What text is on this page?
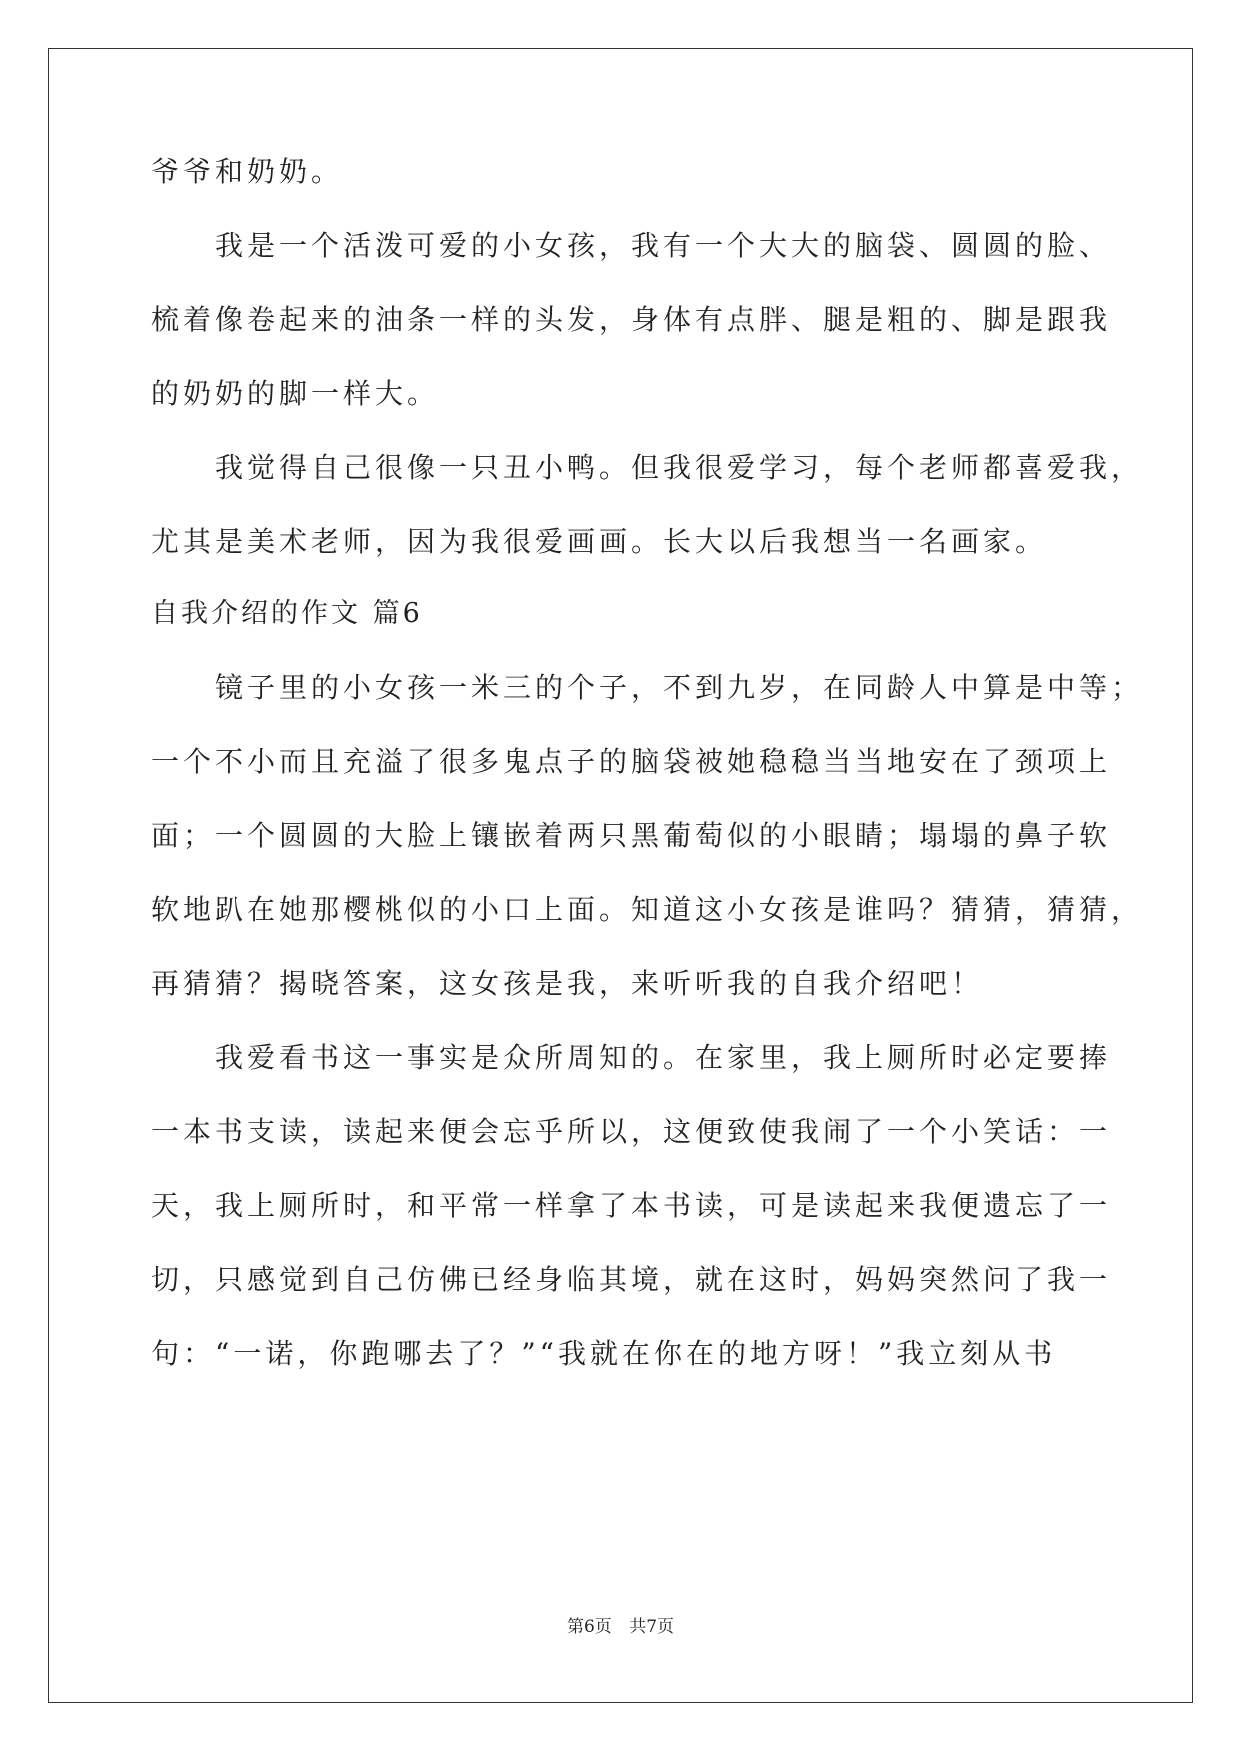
爷爷和奶奶。
我是一个活泼可爱的小女孩，我有一个大大的脑袋、圆圆的脸、
梳着像卷起来的油条一样的头发，身体有点胖、腿是粗的、脚是跟我
的奶奶的脚一样大。
我觉得自己很像一只丑小鸭。但我很爱学习，每个老师都喜爱我，
尤其是美术老师，因为我很爱画画。长大以后我想当一名画家。
自我介绍的作文 篇6
镜子里的小女孩一米三的个子，不到九岁，在同龄人中算是中等；
一个不小而且充溢了很多鬼点子的脑袋被她稳稳当当地安在了颈项上
面；一个圆圆的大脸上镶嵌着两只黑葡萄似的小眼睛；塌塌的鼻子软
软地趴在她那樱桃似的小口上面。知道这小女孩是谁吗？猜猜，猜猜，
再猜猜？揭晓答案，这女孩是我，来听听我的自我介绍吧！
我爱看书这一事实是众所周知的。在家里，我上厕所时必定要捧
一本书支读，读起来便会忘乎所以，这便致使我闹了一个小笑话：一
天，我上厕所时，和平常一样拿了本书读，可是读起来我便遗忘了一
切，只感觉到自己仿佛已经身临其境，就在这时，妈妈突然问了我一
句：“一诺，你跑哪去了？”“我就在你在的地方呀！”我立刻从书
第6页 共7页
